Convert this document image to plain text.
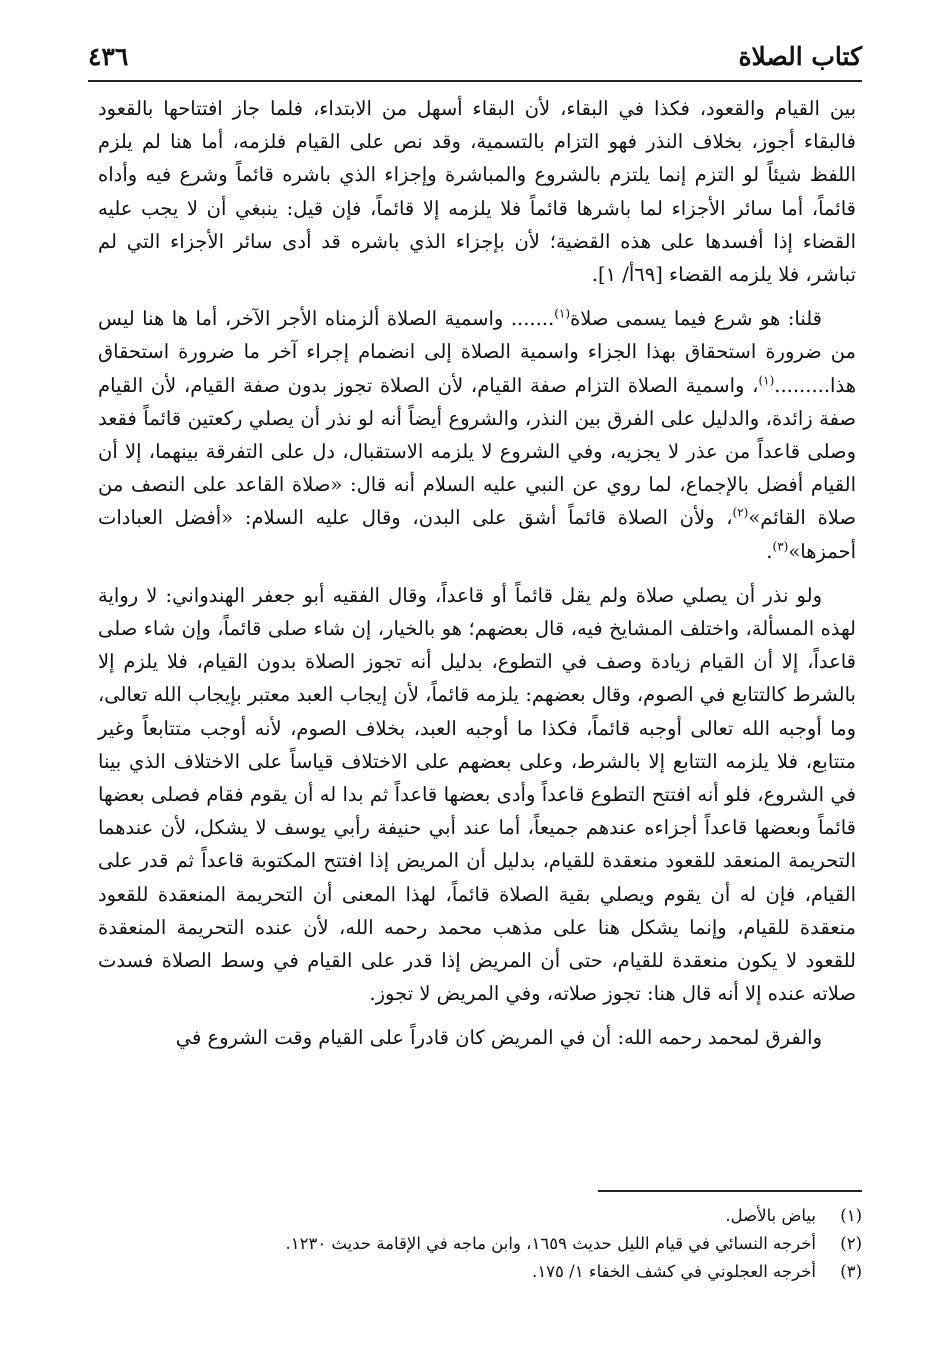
كتاب الصلاة
٤٣٦

بين القيام والقعود، فكذا في البقاء، لأن البقاء أسهل من الابتداء، فلما جاز افتتاحها بالقعود فالبقاء أجوز، بخلاف النذر فهو التزام بالتسمية، وقد نص على القيام فلزمه، أما هنا لم يلزم اللفظ شيئاً لو التزم إنما يلتزم بالشروع والمباشرة وإجزاء الذي باشره قائماً وشرع فيه وأداه قائماً، أما سائر الأجزاء لما باشرها قائماً فلا يلزمه إلا قائماً، فإن قيل: ينبغي أن لا يجب عليه القضاء إذا أفسدها على هذه القضية؛ لأن بإجزاء الذي باشره قد أدى سائر الأجزاء التي لم تباشر، فلا يلزمه القضاء [٦٩أ/ ١].

قلنا: هو شرع فيما يسمى صلاة$^{(١)}$....... واسمية الصلاة ألزمناه الأجر الآخر، أما ها هنا ليس من ضرورة استحقاق بهذا الجزاء واسمية الصلاة إلى انضمام إجراء آخر ما ضرورة استحقاق هذا.........$^{(١)}$، واسمية الصلاة التزام صفة القيام، لأن الصلاة تجوز بدون صفة القيام، لأن القيام صفة زائدة، والدليل على الفرق بين النذر، والشروع أيضاً أنه لو نذر أن يصلي ركعتين قائماً فقعد وصلى قاعداً من عذر لا يجزيه، وفي الشروع لا يلزمه الاستقبال، دل على التفرقة بينهما، إلا أن القيام أفضل بالإجماع، لما روي عن النبي عليه السلام أنه قال: «صلاة القاعد على النصف من صلاة القائم»$^{(٢)}$، ولأن الصلاة قائماً أشق على البدن، وقال عليه السلام: «أفضل العبادات أحمزها»$^{(٣)}$.

ولو نذر أن يصلي صلاة ولم يقل قائماً أو قاعداً، وقال الفقيه أبو جعفر الهندواني: لا رواية لهذه المسألة، واختلف المشايخ فيه، قال بعضهم؛ هو بالخيار، إن شاء صلى قائماً، وإن شاء صلى قاعداً، إلا أن القيام زيادة وصف في التطوع، بدليل أنه تجوز الصلاة بدون القيام، فلا يلزم إلا بالشرط كالتتابع في الصوم، وقال بعضهم: يلزمه قائماً، لأن إيجاب العبد معتبر بإيجاب الله تعالى، وما أوجبه الله تعالى أوجبه قائماً، فكذا ما أوجبه العبد، بخلاف الصوم، لأنه أوجب متتابعاً وغير متتابع، فلا يلزمه التتابع إلا بالشرط، وعلى بعضهم على الاختلاف قياساً على الاختلاف الذي بينا في الشروع، فلو أنه افتتح التطوع قاعداً وأدى بعضها قاعداً ثم بدا له أن يقوم فقام فصلى بعضها قائماً وبعضها قاعداً أجزاءه عندهم جميعاً، أما عند أبي حنيفة رأبي يوسف لا يشكل، لأن عندهما التحريمة المنعقد للقعود منعقدة للقيام، بدليل أن المريض إذا افتتح المكتوبة قاعداً ثم قدر على القيام، فإن له أن يقوم ويصلي بقية الصلاة قائماً، لهذا المعنى أن التحريمة المنعقدة للقعود منعقدة للقيام، وإنما يشكل هنا على مذهب محمد رحمه الله، لأن عنده التحريمة المنعقدة للقعود لا يكون منعقدة للقيام، حتى أن المريض إذا قدر على القيام في وسط الصلاة فسدت صلاته عنده إلا أنه قال هنا: تجوز صلاته، وفي المريض لا تجوز.

والفرق لمحمد رحمه الله: أن في المريض كان قادراً على القيام وقت الشروع في

(١)
بياض بالأصل.
(٢)
أخرجه النسائي في قيام الليل حديث ١٦٥٩، وابن ماجه في الإقامة حديث ١٢٣٠.
(٣)
أخرجه العجلوني في كشف الخفاء ١/ ١٧٥.
